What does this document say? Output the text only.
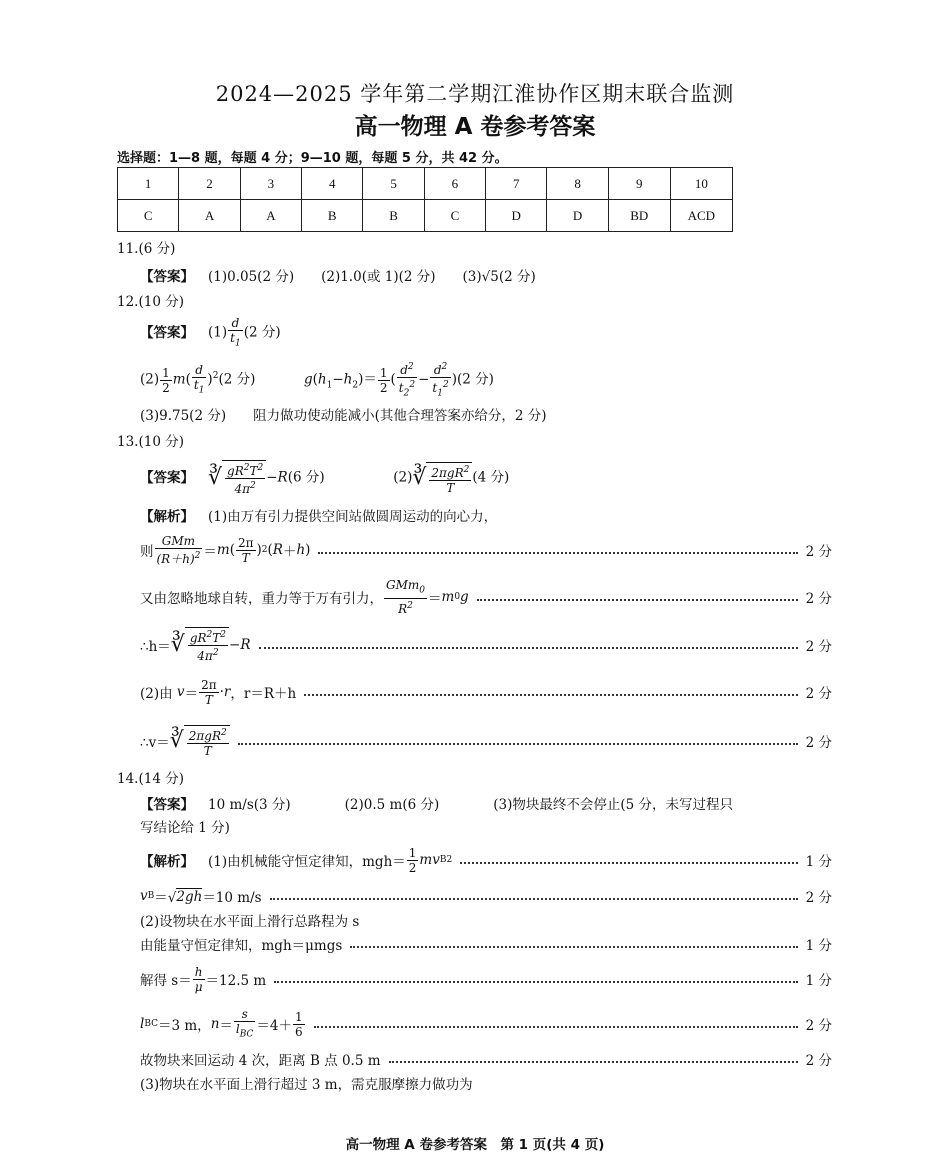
2024—2025 学年第二学期江淮协作区期末联合监测
高一物理 A 卷参考答案
选择题：1—8 题，每题 4 分；9—10 题，每题 5 分，共 42 分。
1	2	3	4	5	6	7	8	9	10
C	A	A	B	B	C	D	D	BD	ACD
11.(6 分)
【答案】 (1)0.05(2 分)　　(2)1.0(或 1)(2 分)　　(3)√5(2 分)
12.(10 分)
【答案】 $(1) \frac{d}{t_1} (2$ 分)
$(2) \frac{1}{2} m( \frac{d}{t_1} )^2(2$ 分)	$g(h_1-h_2)= \frac{1}{2}$ ( $\frac{d^2}{t_2^2} - \frac{d^2}{t_1^2} )(2$ 分)
(3)9.75(2 分)　　阻力做功使动能减小(其他合理答案亦给分，2 分)
13.(10 分)
【答案】 ∛ $\frac{gR^2T^2}{4\pi^2} -R(6$ 分)	(2) ∛ $\frac{2\pi gR^2}{T} (4$ 分)
【解析】 (1)由万有引力提供空间站做圆周运动的向心力，
则 $\frac{\text{GMm}}{(R+h)^2} = m$ ( $\frac{2\pi}{T}$ ) 2 ( R ＋ h )	2 分
又由忽略地球自转，重力等于万有引力， $\frac{GMm_0}{R^2} = m$ 0 g	2 分
∴h＝ ∛ $\frac{gR^2T^2}{4\pi^2} - R$	2 分
(2)由
$v = \frac{2\pi}{T} \cdot r$ ，r＝R＋h	2 分
∴v＝ ∛ $\frac{2\pi gR^2}{T}$	2 分
14.(14 分)
【答案】 10 m/s(3 分)　　　　(2)0.5 m(6 分)　　　　(3)物块最终不会停止(5 分，未写过程只
写结论给 1 分)
【解析】 (1)由机械能守恒定律知，$mgh= \frac{1}{2}$ mv B 2	1 分
v B ＝√ 2gh ＝10 m/s	2 分
(2)设物块在水平面上滑行总路程为 s
由能量守恒定律知，mgh＝μmgs	1 分
解得 $s= \frac{h}{\mu} =12.5$ m	1 分
l BC ＝3 m， $n = \frac{s}{l_{BC}} =4+ \frac{1}{6}$	2 分
故物块来回运动 4 次，距离 B 点 0.5 m	2 分
(3)物块在水平面上滑行超过 3 m，需克服摩擦力做功为
高一物理 A 卷参考答案　第 1 页(共 4 页)
